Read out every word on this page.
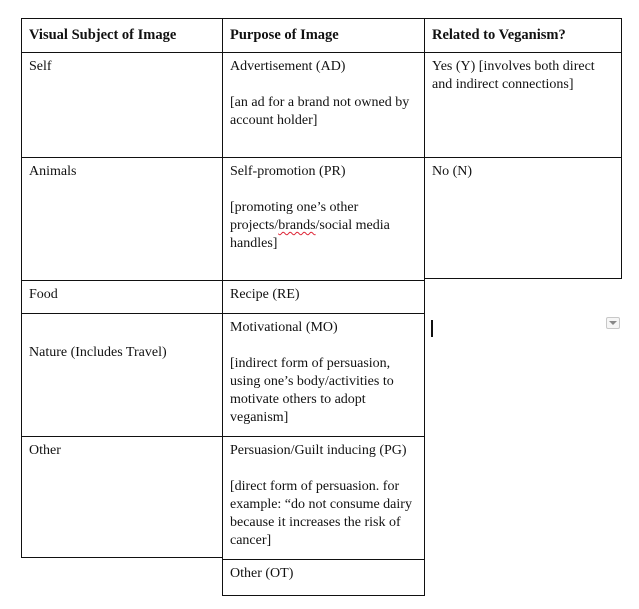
Visual Subject of Image
Self
Animals
Food
Nature (Includes Travel)
Other
Purpose of Image
Advertisement (AD)
[an ad for a brand not owned by account holder]
Self-promotion (PR)
[promoting one’s other projects/brands/social media handles]
Recipe (RE)
Motivational (MO)
[indirect form of persuasion, using one’s body/activities to motivate others to adopt veganism]
Persuasion/Guilt inducing (PG)
[direct form of persuasion. for example: “do not consume dairy because it increases the risk of cancer]
Other (OT)
Related to Veganism?
Yes (Y) [involves both direct and indirect connections]
No (N)
